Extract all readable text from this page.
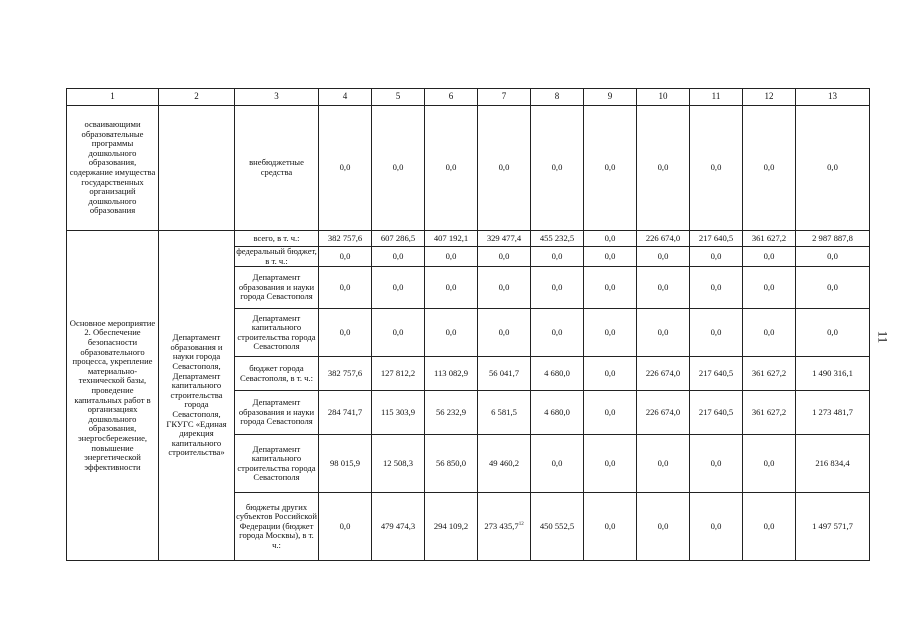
1	2	3	4	5	6	7	8	9	10	11	12	13
осваивающими образовательные программы дошкольного образования, содержание имущества государственных организаций дошкольного образования		внебюджетные средства	0,0	0,0	0,0	0,0	0,0	0,0	0,0	0,0	0,0	0,0
Основное мероприятие 2. Обеспечение безопасности образовательного процесса, укрепление материально-технической базы, проведение капитальных работ в организациях дошкольного образования, энергосбережение, повышение энергетической эффективности	Департамент образования и науки города Севастополя, Департамент капитального строительства города Севастополя, ГКУГС «Единая дирекция капитального строительства»	всего, в т. ч.:	382 757,6	607 286,5	407 192,1	329 477,4	455 232,5	0,0	226 674,0	217 640,5	361 627,2	2 987 887,8
		федеральный бюджет, в т. ч.:	0,0	0,0	0,0	0,0	0,0	0,0	0,0	0,0	0,0	0,0
		Департамент образования и науки города Севастополя	0,0	0,0	0,0	0,0	0,0	0,0	0,0	0,0	0,0	0,0
		Департамент капитального строительства города Севастополя	0,0	0,0	0,0	0,0	0,0	0,0	0,0	0,0	0,0	0,0
		бюджет города Севастополя, в т. ч.:	382 757,6	127 812,2	113 082,9	56 041,7	4 680,0	0,0	226 674,0	217 640,5	361 627,2	1 490 316,1
		Департамент образования и науки города Севастополя	284 741,7	115 303,9	56 232,9	6 581,5	4 680,0	0,0	226 674,0	217 640,5	361 627,2	1 273 481,7
		Департамент капитального строительства города Севастополя	98 015,9	12 508,3	56 850,0	49 460,2	0,0	0,0	0,0	0,0	0,0	216 834,4
		бюджеты других субъектов Российской Федерации (бюджет города Москвы), в т. ч.:	0,0	479 474,3	294 109,2	273 435,7$^{12}$	450 552,5	0,0	0,0	0,0	0,0	1 497 571,7
11
